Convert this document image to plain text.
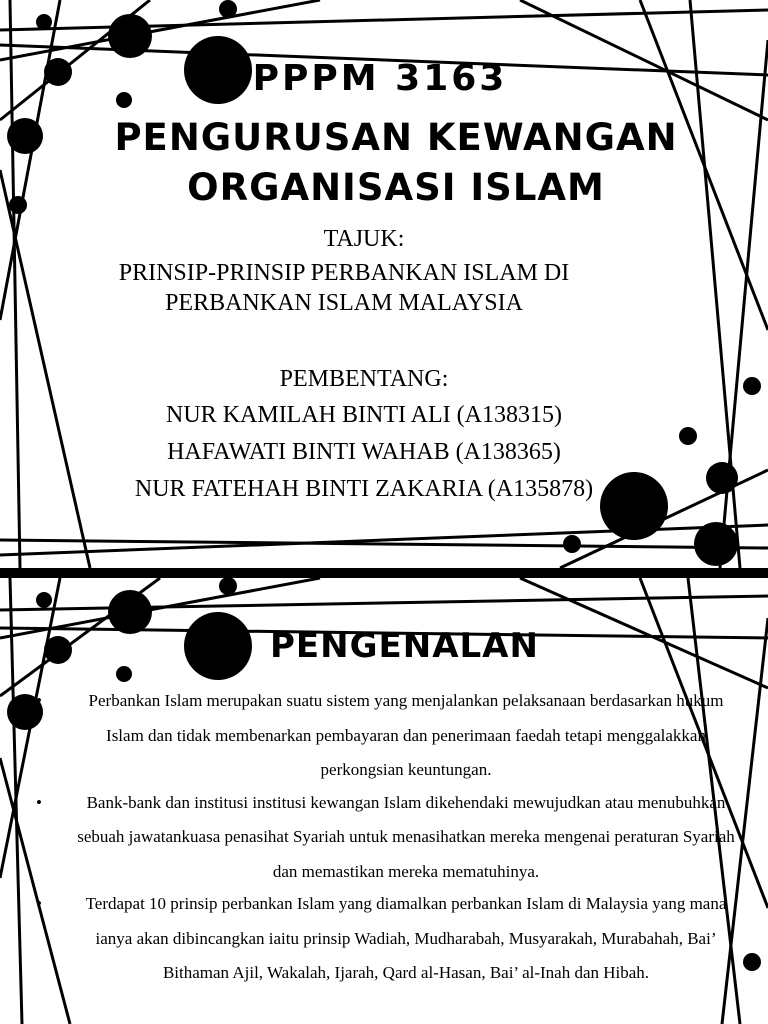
PPPM 3163
PENGURUSAN KEWANGAN
ORGANISASI ISLAM
TAJUK:
PRINSIP-PRINSIP PERBANKAN ISLAM DI
PERBANKAN ISLAM MALAYSIA
PEMBENTANG:
NUR KAMILAH BINTI ALI (A138315)
HAFAWATI BINTI WAHAB (A138365)
NUR FATEHAH BINTI ZAKARIA (A135878)
PENGENALAN
•	Perbankan Islam merupakan suatu sistem yang menjalankan pelaksanaan berdasarkan hukum Islam dan tidak membenarkan pembayaran dan penerimaan faedah tetapi menggalakkan perkongsian keuntungan.
•	Bank-bank dan institusi institusi kewangan Islam dikehendaki mewujudkan atau menubuhkan sebuah jawatankuasa penasihat Syariah untuk menasihatkan mereka mengenai peraturan Syariah dan memastikan mereka mematuhinya.
•	Terdapat 10 prinsip perbankan Islam yang diamalkan perbankan Islam di Malaysia yang mana ianya akan dibincangkan iaitu prinsip Wadiah, Mudharabah, Musyarakah, Murabahah, Bai’ Bithaman Ajil, Wakalah, Ijarah, Qard al-Hasan, Bai’ al-Inah dan Hibah.
